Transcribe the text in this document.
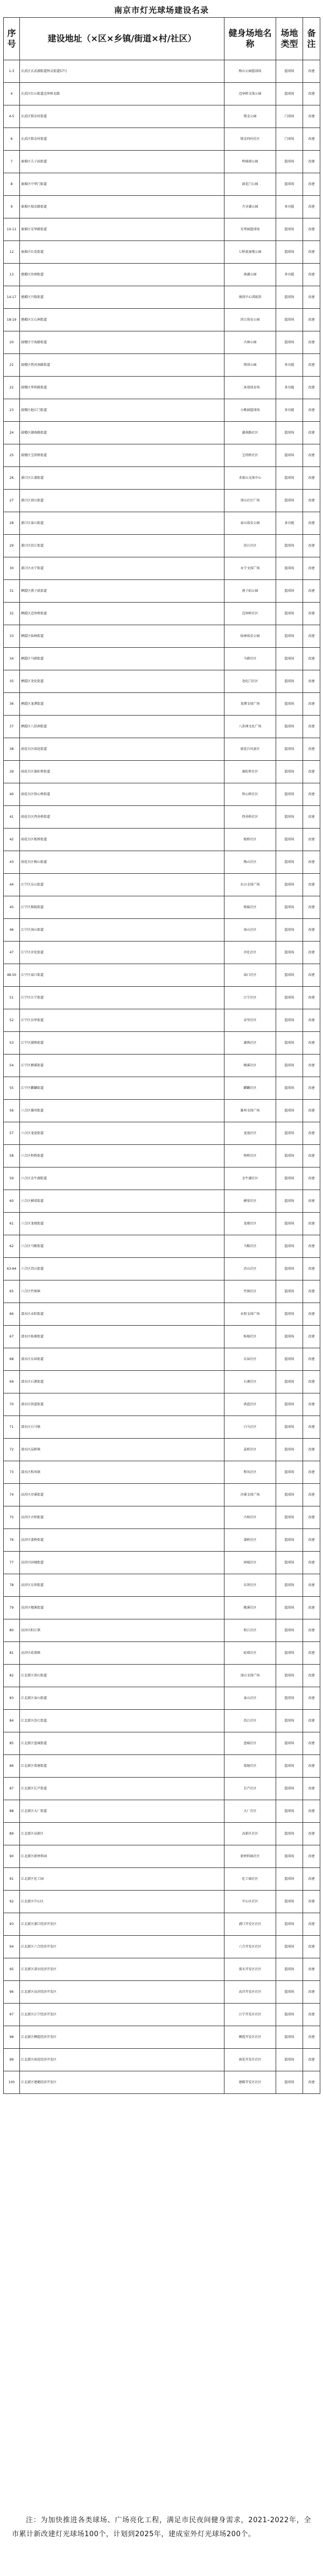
南京市灯光球场建设名录
序号	建设地址（×区×乡镇/街道×村/社区）	健身场地名称	场地类型	备注
1-3	玄武区玄武湖街道钟灵街道57号	梅山公园篮球场	篮球场	改建
4	玄武区红山街道迈皋桥北路	迈皋桥文体公园	篮球场	改建
4-5	玄武区锁金村街道	锁金公园	门球场	改建
6	玄武区锁金村街道	锁金四村社区	门球场	改建
7	秦淮区夫子庙街道	明城墙公园	篮球场	改建
8	秦淮区中华门街道	雨花门公园	篮球场	改建
9	秦淮区瑞金路街道	月牙湖公园	多功能	改建
10-11	秦淮区光华路街道	光华园篮球场	篮球场	改建
12	秦淮区红花街道	七桥瓮湿地公园	篮球场	改建
13	建邺区沙洲街道	南湖公园	多功能	改建
14-17	建邺区兴隆街道	奥体中心训练馆	篮球场	改建
18-19	建邺区江心洲街道	滨江体育公园	篮球场	改建
20	鼓楼区宁海路街道	古林公园	篮球场	改建
21	鼓楼区热河南路街道	绣球公园	多功能	改建
22	鼓楼区华侨路街道	二条巷体育场	多功能	改建
23	鼓楼区挹江门街道	小桃园篮球场	多功能	改建
24	鼓楼区湖南路街道	湖南路社区	篮球场	改建
25	鼓楼区宝塔桥街道	宝塔桥社区	篮球场	改建
26	浦口区江浦街道	求雨山文体中心	篮球场	改建
27	浦口区顶山街道	顶山社区广场	篮球场	改建
28	浦口区泰山街道	泰山体育公园	多功能	改建
29	浦口区沿江街道	沿江社区	篮球场	改建
30	浦口区永宁街道	永宁文体广场	篮球场	改建
31	栖霞区燕子矶街道	燕子矶公园	篮球场	改建
32	栖霞区迈皋桥街道	迈皋桥社区	篮球场	改建
33	栖霞区仙林街道	仙林体育公园	篮球场	改建
34	栖霞区马群街道	马群社区	篮球场	改建
35	栖霞区尧化街道	尧化门社区	篮球场	改建
36	栖霞区龙潭街道	龙潭文体广场	篮球场	改建
37	栖霞区八卦洲街道	八卦洲文化广场	篮球场	改建
38	雨花台区雨花街道	雨花台风景区	篮球场	改建
39	雨花台区赛虹桥街道	赛虹桥社区	篮球场	改建
40	雨花台区铁心桥街道	铁心桥社区	篮球场	改建
41	雨花台区西善桥街道	西善桥社区	篮球场	改建
42	雨花台区板桥街道	板桥社区	篮球场	改建
43	雨花台区梅山街道	梅山社区	篮球场	改建
44	江宁区东山街道	东山文体广场	篮球场	改建
45	江宁区秣陵街道	秣陵社区	篮球场	改建
46	江宁区汤山街道	汤山社区	篮球场	改建
47	江宁区淳化街道	淳化社区	篮球场	改建
48-50	江宁区禄口街道	禄口社区	篮球场	改建
51	江宁区江宁街道	江宁社区	篮球场	改建
52	江宁区谷里街道	谷里社区	篮球场	改建
53	江宁区湖熟街道	湖熟社区	篮球场	改建
54	江宁区横溪街道	横溪社区	篮球场	改建
55	江宁区麒麟街道	麒麟社区	篮球场	改建
56	六合区雄州街道	雄州文体广场	篮球场	改建
57	六合区龙池街道	龙池社区	篮球场	改建
58	六合区程桥街道	程桥社区	篮球场	改建
59	六合区金牛湖街道	金牛湖社区	篮球场	改建
60	六合区横梁街道	横梁社区	篮球场	改建
61	六合区龙袍街道	龙袍社区	篮球场	改建
62	六合区马鞍街道	马鞍社区	篮球场	改建
63-64	六合区冶山街道	冶山社区	篮球场	改建
65	六合区竹镇镇	竹镇社区	篮球场	改建
66	溧水区永阳街道	永阳文体广场	篮球场	改建
67	溧水区柘塘街道	柘塘社区	篮球场	改建
68	溧水区东屏街道	东屏社区	篮球场	改建
69	溧水区石湫街道	石湫社区	篮球场	改建
70	溧水区洪蓝街道	洪蓝社区	篮球场	改建
71	溧水区白马镇	白马社区	篮球场	改建
72	溧水区晶桥镇	晶桥社区	篮球场	改建
73	溧水区和凤镇	和凤社区	篮球场	改建
74	高淳区淳溪街道	淳溪文体广场	篮球场	改建
75	高淳区古柏街道	古柏社区	篮球场	改建
76	高淳区漆桥街道	漆桥社区	篮球场	改建
77	高淳区固城街道	固城社区	篮球场	改建
78	高淳区东坝街道	东坝社区	篮球场	改建
79	高淳区桠溪街道	桠溪社区	篮球场	改建
80	高淳区阳江镇	阳江社区	篮球场	改建
81	高淳区砖墙镇	砖墙社区	篮球场	改建
82	江北新区顶山街道	顶山文体广场	篮球场	改建
83	江北新区泰山街道	泰山社区	篮球场	改建
84	江北新区沿江街道	沿江社区	篮球场	改建
85	江北新区盘城街道	盘城社区	篮球场	改建
86	江北新区葛塘街道	葛塘社区	篮球场	改建
87	江北新区长芦街道	长芦社区	篮球场	改建
88	江北新区大厂街道	大厂社区	篮球场	改建
89	江北新区高新区	高新区社区	篮球场	改建
90	江北新区新材料园	新材料园社区	篮球场	改建
91	江北新区化工园	化工园社区	篮球场	改建
92	江北新区中心区	中心区社区	篮球场	改建
93	江北新区浦口经济开发区	浦口开发区社区	篮球场	改建
94	江北新区六合经济开发区	六合开发区社区	篮球场	改建
95	江北新区溧水经济开发区	溧水开发区社区	篮球场	改建
96	江北新区高淳经济开发区	高淳开发区社区	篮球场	改建
97	江北新区江宁经济开发区	江宁开发区社区	篮球场	改建
98	江北新区栖霞经济开发区	栖霞开发区社区	篮球场	改建
99	江北新区雨花经济开发区	雨花开发区社区	篮球场	改建
100	江北新区建邺经济开发区	建邺开发区社区	篮球场	改建
注：为加快推进各类球场、广场亮化工程，满足市民夜间健身需求，2021-2022年，全市累计新改建灯光球场100个，计划到2025年，建成室外灯光球场200个。
